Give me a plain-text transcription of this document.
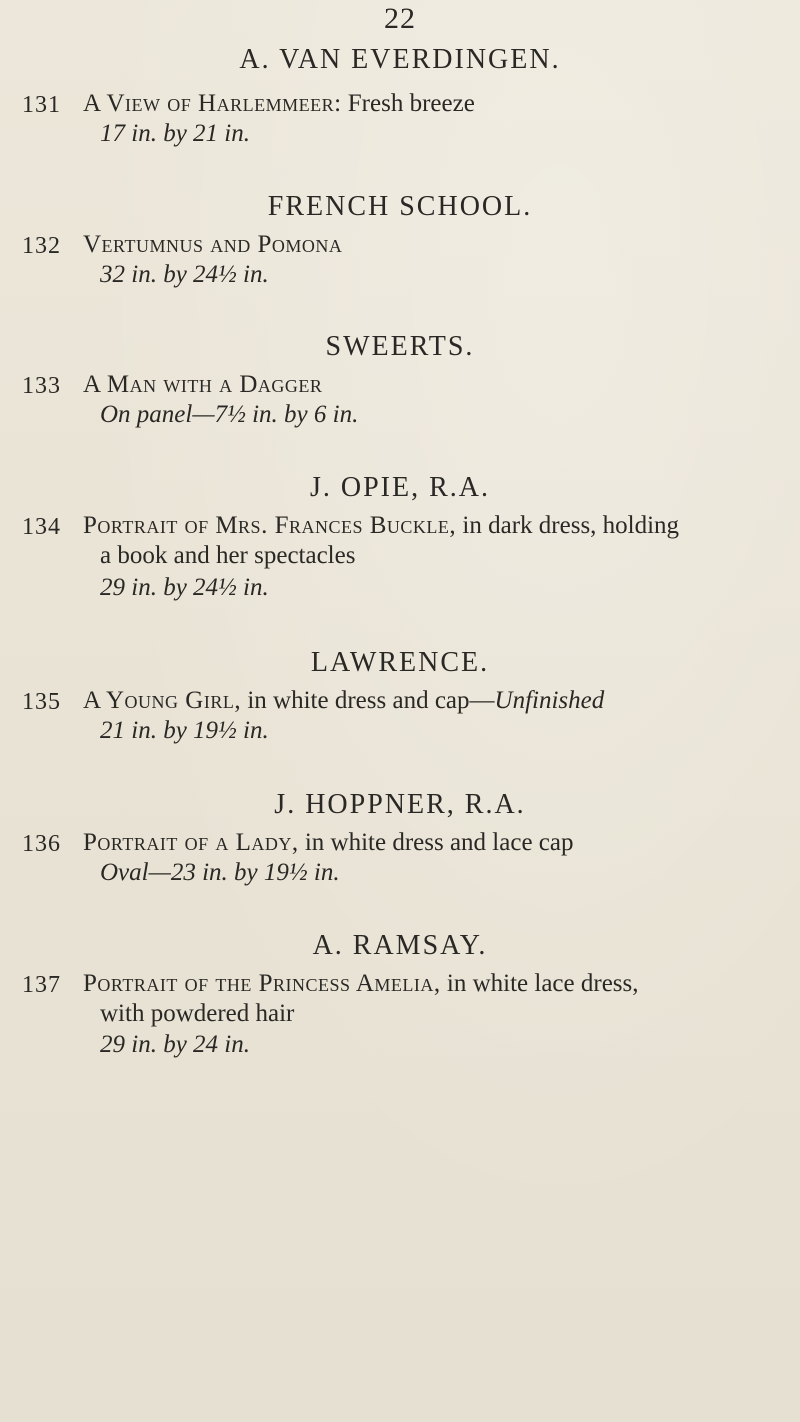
22
A. VAN EVERDINGEN.
131 A View of Harlemmeer: Fresh breeze
17 in. by 21 in.
FRENCH SCHOOL.
132 Vertumnus and Pomona
32 in. by 24½ in.
SWEERTS.
133 A Man with a Dagger
On panel—7½ in. by 6 in.
J. OPIE, R.A.
134 Portrait of Mrs. Frances Buckle, in dark dress, holding
a book and her spectacles
29 in. by 24½ in.
LAWRENCE.
135 A Young Girl, in white dress and cap—Unfinished
21 in. by 19½ in.
J. HOPPNER, R.A.
136 Portrait of a Lady, in white dress and lace cap
Oval—23 in. by 19½ in.
A. RAMSAY.
137 Portrait of the Princess Amelia, in white lace dress,
with powdered hair
29 in. by 24 in.
